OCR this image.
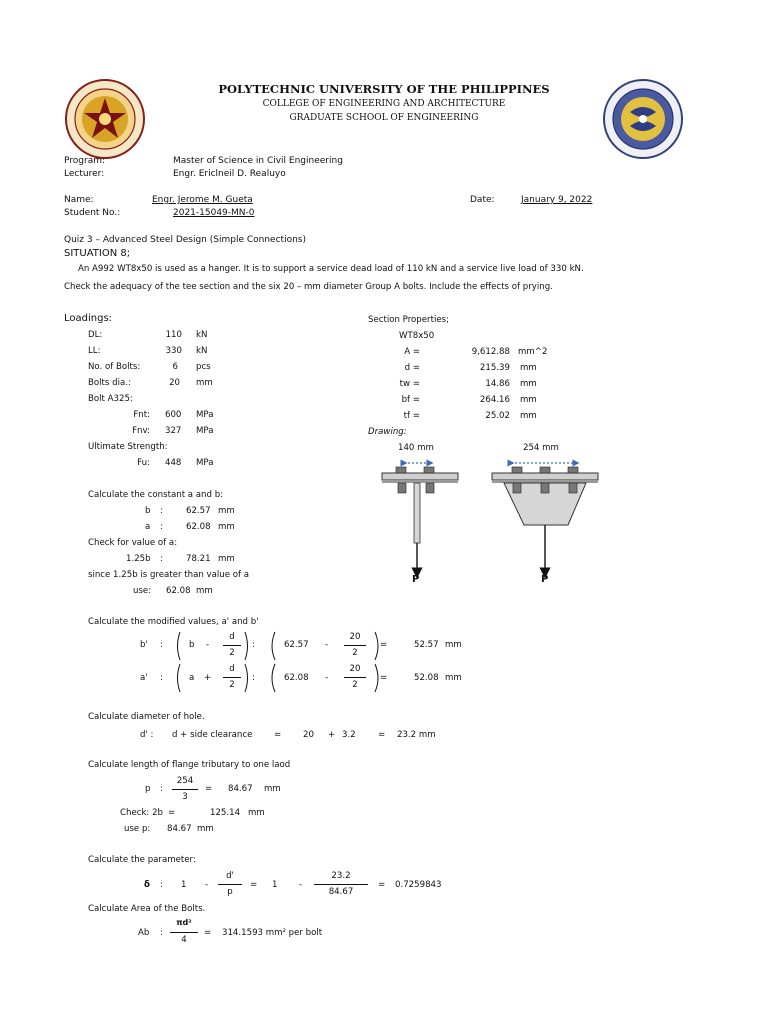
POLYTECHNIC UNIVERSITY OF THE PHILIPPINES
COLLEGE OF ENGINEERING AND ARCHITECTURE
GRADUATE SCHOOL OF ENGINEERING
Program:	Master of Science in Civil Engineering
Lecturer:	Engr. Ericlneil D. Realuyo
Name:	Engr. Jerome M. Gueta
Student No.:	2021-15049-MN-0
Date:	January 9, 2022
Quiz 3 – Advanced Steel Design (Simple Connections)
SITUATION 8;
An A992 WT8x50 is used as a hanger. It is to support a service dead load of 110 kN and a service live load of 330 kN.
Check the adequacy of the tee section and the six 20 – mm diameter Group A bolts. Include the effects of prying.
Loadings:
DL:	110 kN
LL:	330 kN
No. of Bolts:	6 pcs
Bolts dia.:	20 mm
Bolt A325:
Fnt: 600 MPa
Fnv: 327 MPa
Ultimate Strength:
Fu: 448 MPa
Section Properties;
WT8x50
A =	9,612.88 mm^2
d =	215.39 mm
tw =	14.86 mm
bf =	264.16 mm
tf =	25.02 mm
Drawing:
140 mm	254 mm
P	P
Calculate the constant a and b:
b :	62.57 mm
a :	62.08 mm
Check for value of a:
1.25b :	78.21 mm
since 1.25b is greater than value of a
use: 62.08 mm
Calculate the modified values, a' and b'
b' :	b -
d
2
:	62.57 -
20
2
=	52.57 mm
a' :	a +
d
2
:	62.08 -
20
2
=	52.08 mm
Calculate diameter of hole.
d' : d + side clearance	=	20 + 3.2	= 23.2 mm
Calculate length of flange tributary to one laod
p :
254
3
= 84.67 mm
Check: 2b =	125.14 mm
use p: 84.67 mm
Calculate the parameter:
δ : 1 -
d'
p
= 1	-
23.2
84.67
= 0.7259843
Calculate Area of the Bolts.
Ab :
πd²
4
= 314.1593 mm² per bolt
